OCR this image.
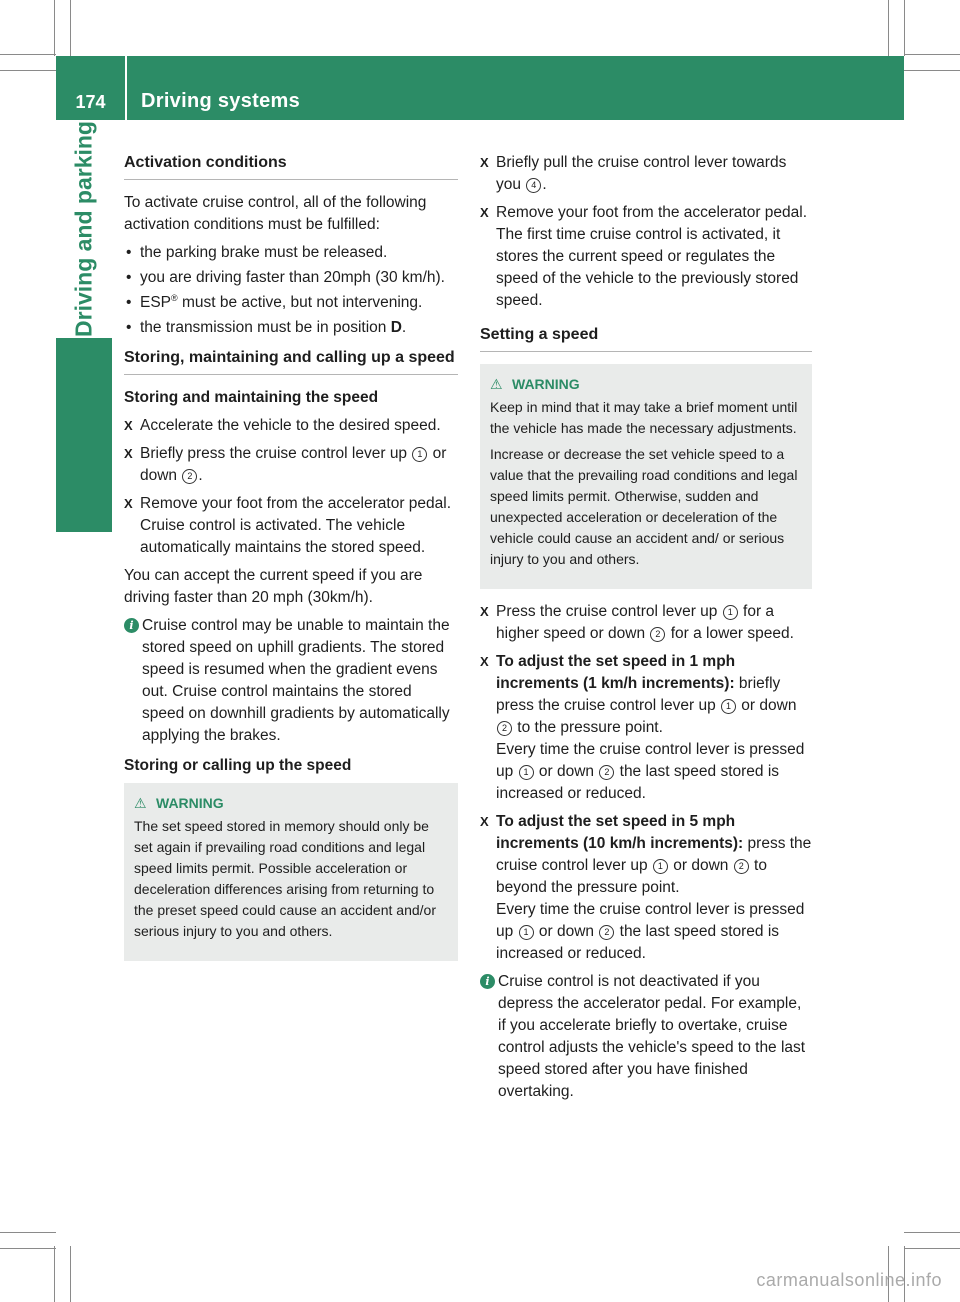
174	Driving systems
Driving and parking Activation conditions

To activate cruise control, all of the following activation conditions must be fulfilled:

• the parking brake must be released.
• you are driving faster than 20mph (30 km/h).
• ESP® must be active, but not intervening.
• the transmission must be in position D.
Storing, maintaining and calling up a speed
Storing and maintaining the speed
X Accelerate the vehicle to the desired speed.
X Briefly press the cruise control lever up 1 or down 2 .
X Remove your foot from the accelerator pedal.
Cruise control is activated. The vehicle automatically maintains the stored speed.

You can accept the current speed if you are driving faster than 20 mph (30km/h).

i Cruise control may be unable to maintain the stored speed on uphill gradients. The stored speed is resumed when the gradient evens out. Cruise control maintains the stored speed on downhill gradients by automatically applying the brakes.
Storing or calling up the speed
⚠ WARNING

The set speed stored in memory should only be set again if prevailing road conditions and legal speed limits permit. Possible acceleration or deceleration differences arising from returning to the preset speed could cause an accident and/or serious injury to you and others.

X Briefly pull the cruise control lever towards you 4 .
X Remove your foot from the accelerator pedal.
The first time cruise control is activated, it stores the current speed or regulates the speed of the vehicle to the previously stored speed.
Setting a speed
⚠ WARNING

Keep in mind that it may take a brief moment until the vehicle has made the necessary adjustments.

Increase or decrease the set vehicle speed to a value that the prevailing road conditions and legal speed limits permit. Otherwise, sudden and unexpected acceleration or deceleration of the vehicle could cause an accident and/ or serious injury to you and others.

X Press the cruise control lever up 1 for a higher speed or down 2 for a lower speed.
X To adjust the set speed in 1 mph increments (1 km/h increments): briefly press the cruise control lever up 1 or down 2 to the pressure point.
Every time the cruise control lever is pressed up 1 or down 2 the last speed stored is increased or reduced.
X To adjust the set speed in 5 mph increments (10 km/h increments): press the cruise control lever up 1 or down 2 to beyond the pressure point.
Every time the cruise control lever is pressed up 1 or down 2 the last speed stored is increased or reduced.
i Cruise control is not deactivated if you depress the accelerator pedal. For example, if you accelerate briefly to overtake, cruise control adjusts the vehicle's speed to the last speed stored after you have finished overtaking.
carmanualsonline.info
